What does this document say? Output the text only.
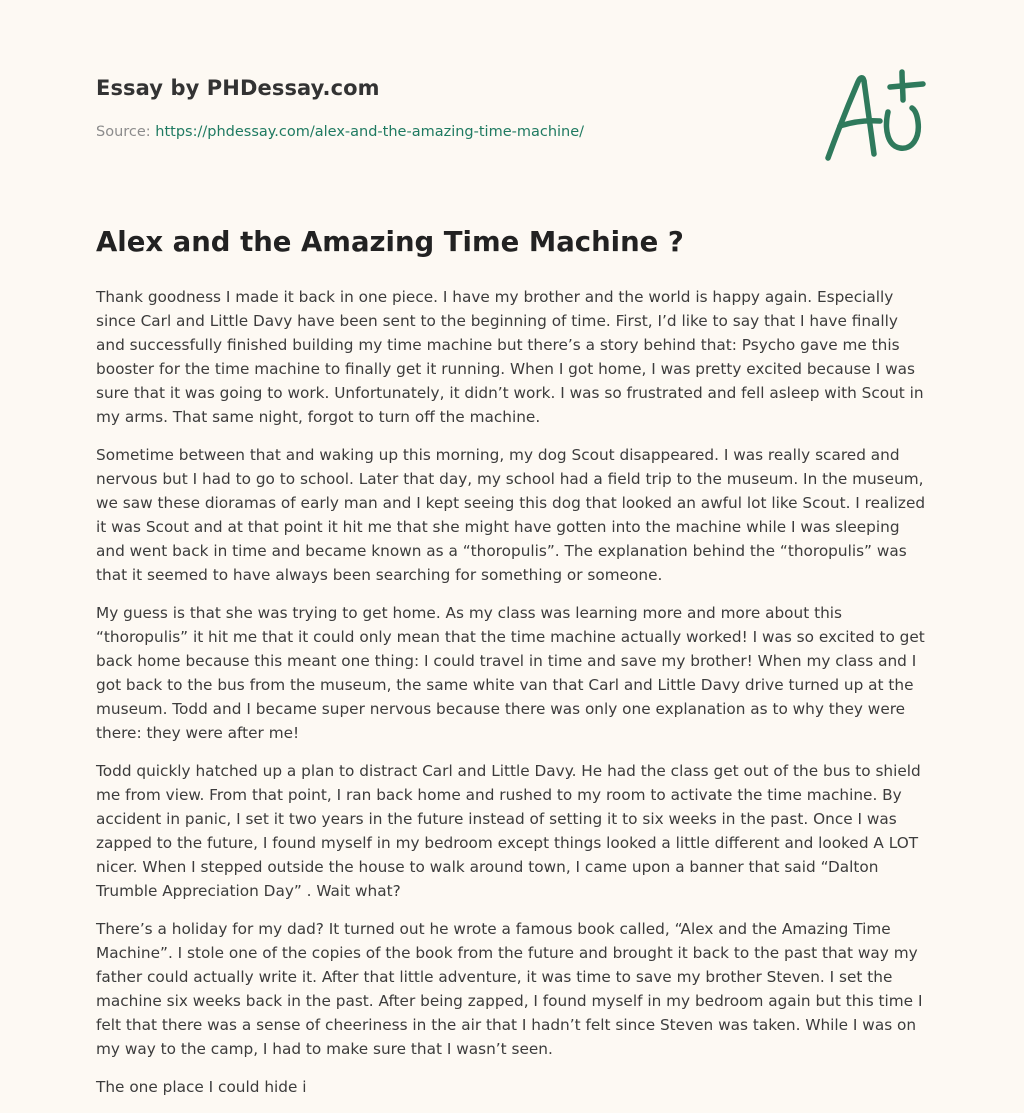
Essay by PHDessay.com
Source: https://phdessay.com/alex-and-the-amazing-time-machine/
Alex and the Amazing Time Machine ?

Thank goodness I made it back in one piece. I have my brother and the world is happy again. Especially since Carl and Little Davy have been sent to the beginning of time. First, I’d like to say that I have finally and successfully finished building my time machine but there’s a story behind that: Psycho gave me this booster for the time machine to finally get it running. When I got home, I was pretty excited because I was sure that it was going to work. Unfortunately, it didn’t work. I was so frustrated and fell asleep with Scout in my arms. That same night, forgot to turn off the machine.

Sometime between that and waking up this morning, my dog Scout disappeared. I was really scared and nervous but I had to go to school. Later that day, my school had a field trip to the museum. In the museum, we saw these dioramas of early man and I kept seeing this dog that looked an awful lot like Scout. I realized it was Scout and at that point it hit me that she might have gotten into the machine while I was sleeping and went back in time and became known as a “thoropulis”. The explanation behind the “thoropulis” was that it seemed to have always been searching for something or someone.

My guess is that she was trying to get home. As my class was learning more and more about this “thoropulis” it hit me that it could only mean that the time machine actually worked! I was so excited to get back home because this meant one thing: I could travel in time and save my brother! When my class and I got back to the bus from the museum, the same white van that Carl and Little Davy drive turned up at the museum. Todd and I became super nervous because there was only one explanation as to why they were there: they were after me!

Todd quickly hatched up a plan to distract Carl and Little Davy. He had the class get out of the bus to shield me from view. From that point, I ran back home and rushed to my room to activate the time machine. By accident in panic, I set it two years in the future instead of setting it to six weeks in the past. Once I was zapped to the future, I found myself in my bedroom except things looked a little different and looked A LOT nicer. When I stepped outside the house to walk around town, I came upon a banner that said “Dalton Trumble Appreciation Day” . Wait what?

There’s a holiday for my dad? It turned out he wrote a famous book called, “Alex and the Amazing Time Machine”. I stole one of the copies of the book from the future and brought it back to the past that way my father could actually write it. After that little adventure, it was time to save my brother Steven. I set the machine six weeks back in the past. After being zapped, I found myself in my bedroom again but this time I felt that there was a sense of cheeriness in the air that I hadn’t felt since Steven was taken. While I was on my way to the camp, I had to make sure that I wasn’t seen.

The one place I could hide i
